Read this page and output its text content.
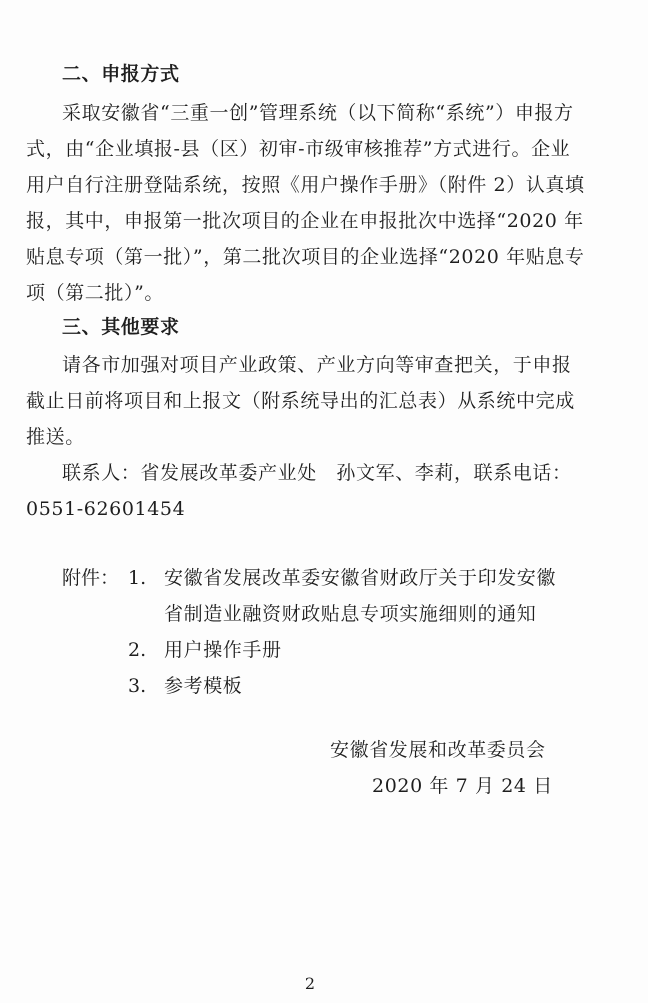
二、申报方式
采取安徽省“三重一创”管理系统（以下简称“系统”）申报方
式，由“企业填报-县（区）初审-市级审核推荐”方式进行。企业
用户自行注册登陆系统，按照《用户操作手册》（附件 2）认真填
报，其中，申报第一批次项目的企业在申报批次中选择“2020 年
贴息专项（第一批）”，第二批次项目的企业选择“2020 年贴息专
项（第二批）”。
三、其他要求
请各市加强对项目产业政策、产业方向等审查把关，于申报
截止日前将项目和上报文（附系统导出的汇总表）从系统中完成
推送。
联系人：省发展改革委产业处　孙文军、李莉，联系电话：
0551-62601454
附件： 1. 安徽省发展改革委安徽省财政厅关于印发安徽
省制造业融资财政贴息专项实施细则的通知
2. 用户操作手册
3. 参考模板
安徽省发展和改革委员会
2020 年 7 月 24 日
2
